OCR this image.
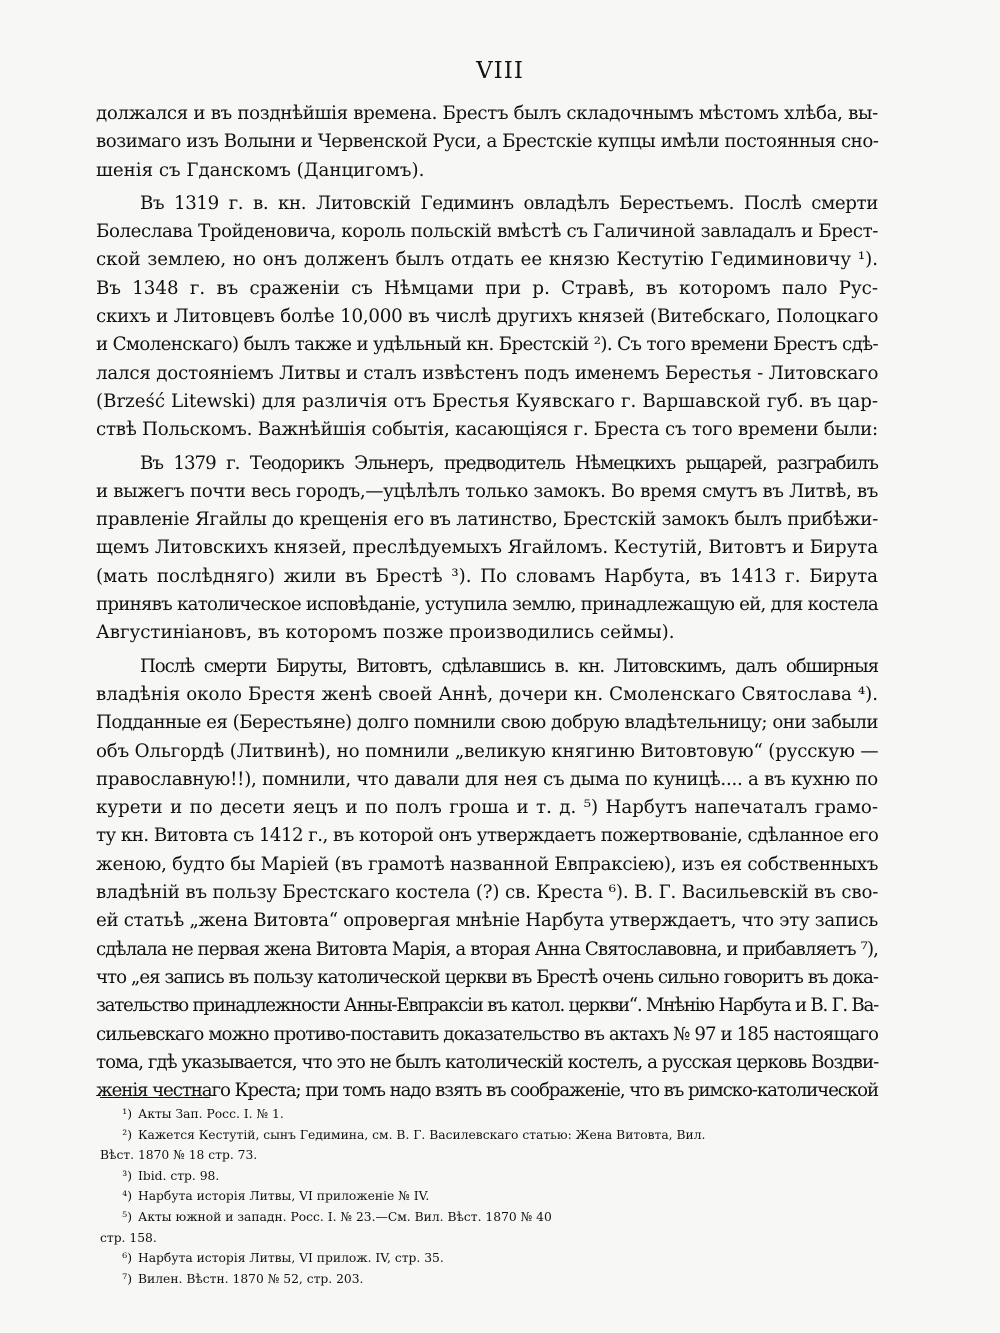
VIII
должался и въ позднѣйшія времена. Брестъ былъ складочнымъ мѣстомъ хлѣба, вы-
возимаго изъ Волыни и Червенской Руси, а Брестскіе купцы имѣли постоянныя сно-
шенія съ Гданскомъ (Данцигомъ).
Въ 1319 г. в. кн. Литовскій Гедиминъ овладѣлъ Берестьемъ. Послѣ смерти
Болеслава Тройденовича, король польскій вмѣстѣ съ Галичиной завладалъ и Брест-
ской землею, но онъ долженъ былъ отдать ее князю Кестутію Гедиминовичу ¹).
Въ 1348 г. въ сраженіи съ Нѣмцами при р. Стравѣ, въ которомъ пало Рус-
скихъ и Литовцевъ болѣе 10,000 въ числѣ другихъ князей (Витебскаго, Полоцкаго
и Смоленскаго) былъ также и удѣльный кн. Брестскій ²). Съ того времени Брестъ сдѣ-
лался достояніемъ Литвы и сталъ извѣстенъ подъ именемъ Берестья - Литовскаго
(Brześć Litewski) для различія отъ Брестья Куявскаго г. Варшавской губ. въ цар-
ствѣ Польскомъ. Важнѣйшія событія, касающіяся г. Бреста съ того времени были:
Въ 1379 г. Теодорикъ Эльнеръ, предводитель Нѣмецкихъ рыцарей, разграбилъ
и выжегъ почти весь городъ,—уцѣлѣлъ только замокъ. Во время смутъ въ Литвѣ, въ
правленіе Ягайлы до крещенія его въ латинство, Брестскій замокъ былъ прибѣжи-
щемъ Литовскихъ князей, преслѣдуемыхъ Ягайломъ. Кестутій, Витовтъ и Бирута
(мать послѣдняго) жили въ Брестѣ ³). По словамъ Нарбута, въ 1413 г. Бирута
принявъ католическое исповѣданіе, уступила землю, принадлежащую ей, для костела
Августиніановъ, въ которомъ позже производились сеймы).
Послѣ смерти Бируты, Витовтъ, сдѣлавшись в. кн. Литовскимъ, далъ обширныя
владѣнія около Брестя женѣ своей Аннѣ, дочери кн. Смоленскаго Святослава ⁴).
Подданные ея (Берестьяне) долго помнили свою добрую владѣтельницу; они забыли
объ Ольгордѣ (Литвинѣ), но помнили „великую княгиню Витовтовую“ (русскую —
православную!!), помнили, что давали для нея съ дыма по куницѣ.... а въ кухню по
курети и по десети яецъ и по полъ гроша и т. д. ⁵) Нарбутъ напечаталъ грамо-
ту кн. Витовта съ 1412 г., въ которой онъ утверждаетъ пожертвованіе, сдѣланное его
женою, будто бы Маріей (въ грамотѣ названной Евпраксіею), изъ ея собственныхъ
владѣній въ пользу Брестскаго костела (?) св. Креста ⁶). В. Г. Васильевскій въ сво-
ей статьѣ „жена Витовта“ опровергая мнѣніе Нарбута утверждаетъ, что эту запись
сдѣлала не первая жена Витовта Марія, а вторая Анна Святославовна, и прибавляетъ ⁷),
что „ея запись въ пользу католической церкви въ Брестѣ очень сильно говоритъ въ дока-
зательство принадлежности Анны-Евпраксіи въ катол. церкви“. Мнѣнію Нарбута и В. Г. Ва-
сильевскаго можно противо-поставить доказательство въ актахъ № 97 и 185 настоящаго
тома, гдѣ указывается, что это не былъ католическій костелъ, а русская церковь Воздви-
женія честнаго Креста; при томъ надо взять въ соображеніе, что въ римско-католической
¹) Акты Зап. Росс. I. № 1.
²) Кажется Кестутій, сынъ Гедимина, см. В. Г. Василевскаго статью: Жена Витовта, Вил.
Вѣст. 1870 № 18 стр. 73.
³) Ibid. стр. 98.
⁴) Нарбута исторія Литвы, VI приложеніе № IV.
⁵) Акты южной и западн. Росс. I. № 23.—См. Вил. Вѣст. 1870 № 40
стр. 158.
⁶) Нарбута исторія Литвы, VI прилож. IV, стр. 35.
⁷) Вилен. Вѣстн. 1870 № 52, стр. 203.
